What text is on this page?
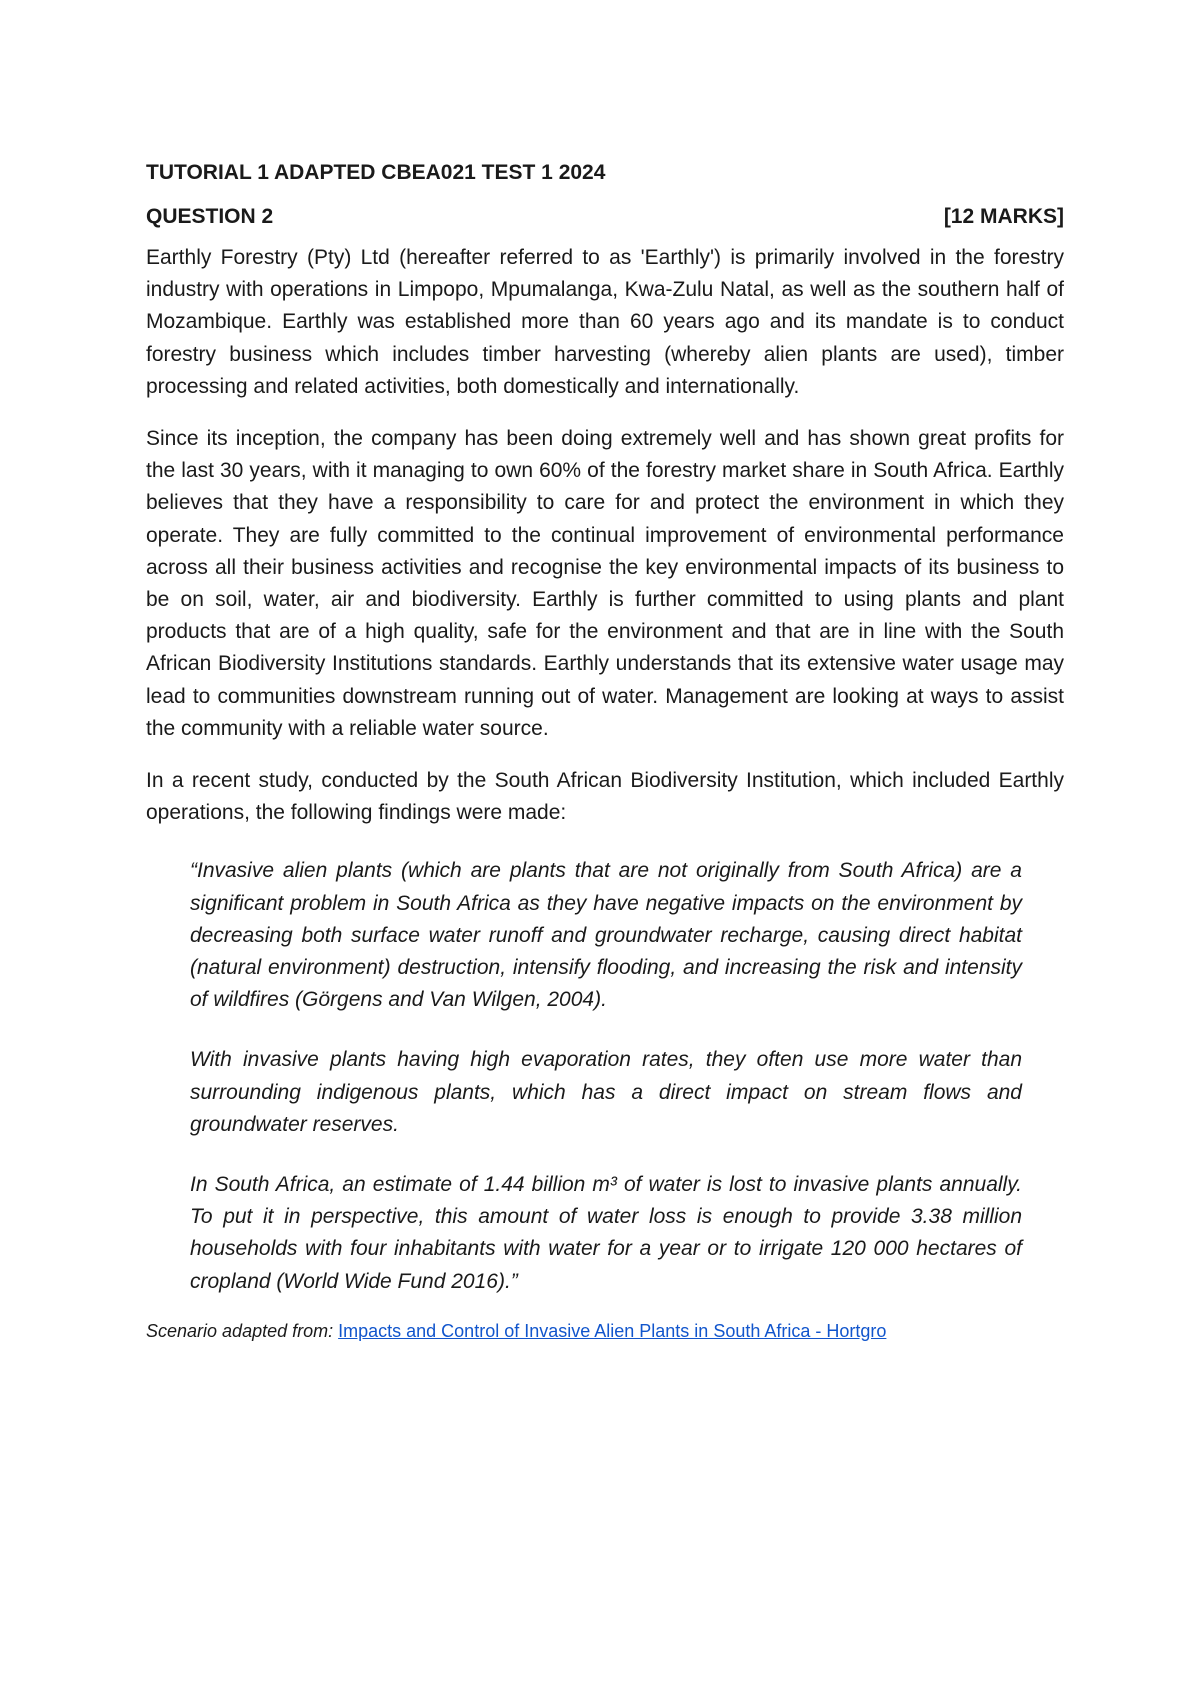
TUTORIAL 1 ADAPTED CBEA021 TEST 1 2024
QUESTION 2	[12 MARKS]

Earthly Forestry (Pty) Ltd (hereafter referred to as 'Earthly') is primarily involved in the forestry industry with operations in Limpopo, Mpumalanga, Kwa-Zulu Natal, as well as the southern half of Mozambique. Earthly was established more than 60 years ago and its mandate is to conduct forestry business which includes timber harvesting (whereby alien plants are used), timber processing and related activities, both domestically and internationally.

Since its inception, the company has been doing extremely well and has shown great profits for the last 30 years, with it managing to own 60% of the forestry market share in South Africa. Earthly believes that they have a responsibility to care for and protect the environment in which they operate. They are fully committed to the continual improvement of environmental performance across all their business activities and recognise the key environmental impacts of its business to be on soil, water, air and biodiversity. Earthly is further committed to using plants and plant products that are of a high quality, safe for the environment and that are in line with the South African Biodiversity Institutions standards. Earthly understands that its extensive water usage may lead to communities downstream running out of water. Management are looking at ways to assist the community with a reliable water source.

In a recent study, conducted by the South African Biodiversity Institution, which included Earthly operations, the following findings were made:

“Invasive alien plants (which are plants that are not originally from South Africa) are a significant problem in South Africa as they have negative impacts on the environment by decreasing both surface water runoff and groundwater recharge, causing direct habitat (natural environment) destruction, intensify flooding, and increasing the risk and intensity of wildfires (Görgens and Van Wilgen, 2004).

With invasive plants having high evaporation rates, they often use more water than surrounding indigenous plants, which has a direct impact on stream flows and groundwater reserves.

In South Africa, an estimate of 1.44 billion m³ of water is lost to invasive plants annually. To put it in perspective, this amount of water loss is enough to provide 3.38 million households with four inhabitants with water for a year or to irrigate 120 000 hectares of cropland (World Wide Fund 2016).”

Scenario adapted from: Impacts and Control of Invasive Alien Plants in South Africa - Hortgro
